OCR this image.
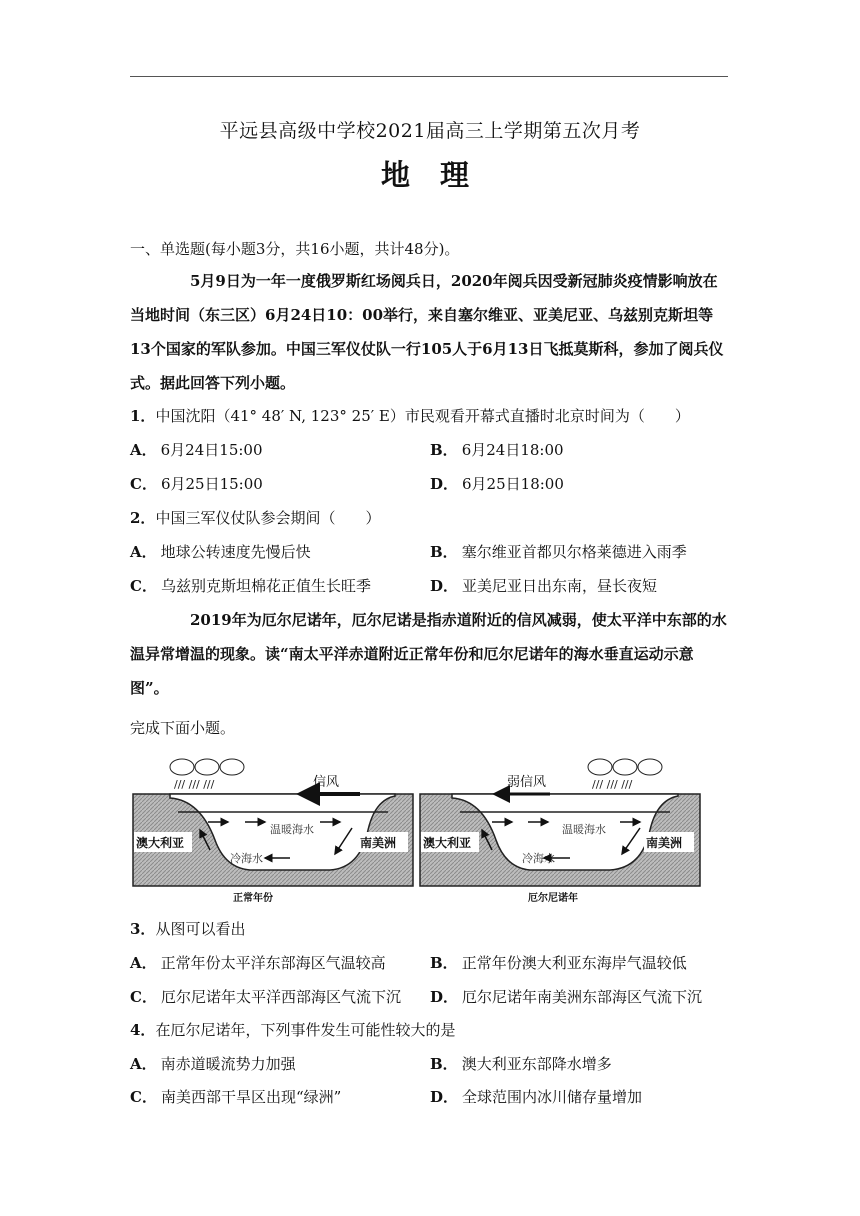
平远县高级中学校2021届高三上学期第五次月考
地 理
一、单选题(每小题3分，共16小题，共计48分)。
5月9日为一年一度俄罗斯红场阅兵日，2020年阅兵因受新冠肺炎疫情影响放在
当地时间（东三区）6月24日10：00举行，来自塞尔维亚、亚美尼亚、乌兹别克斯坦等
13个国家的军队参加。中国三军仪仗队一行105人于6月13日飞抵莫斯科，参加了阅兵仪
式。据此回答下列小题。
1．中国沈阳（41° 48′ N, 123° 25′ E）市民观看开幕式直播时北京时间为（　　）
A． 6月24日15:00	B． 6月24日18:00
C． 6月25日15:00	D． 6月25日18:00
2．中国三军仪仗队参会期间（　　）
A． 地球公转速度先慢后快	B． 塞尔维亚首都贝尔格莱德进入雨季
C． 乌兹别克斯坦棉花正值生长旺季	D． 亚美尼亚日出东南，昼长夜短
2019年为厄尔尼诺年，厄尔尼诺是指赤道附近的信风减弱，使太平洋中东部的水
温异常增温的现象。读“南太平洋赤道附近正常年份和厄尔尼诺年的海水垂直运动示意
图”。
完成下面小题。
/// /// ///	信风
澳大利亚	南美洲
温暖海水
冷海水
正常年份
/// /// ///
弱信风
澳大利亚	南美洲
温暖海水
冷海水
厄尔尼诺年
3．从图可以看出
A． 正常年份太平洋东部海区气温较高	B． 正常年份澳大利亚东海岸气温较低
C． 厄尔尼诺年太平洋西部海区气流下沉 D． 厄尔尼诺年南美洲东部海区气流下沉
4．在厄尔尼诺年，下列事件发生可能性较大的是
A． 南赤道暖流势力加强	B． 澳大利亚东部降水增多
C． 南美西部干旱区出现“绿洲”	D． 全球范围内冰川储存量增加
